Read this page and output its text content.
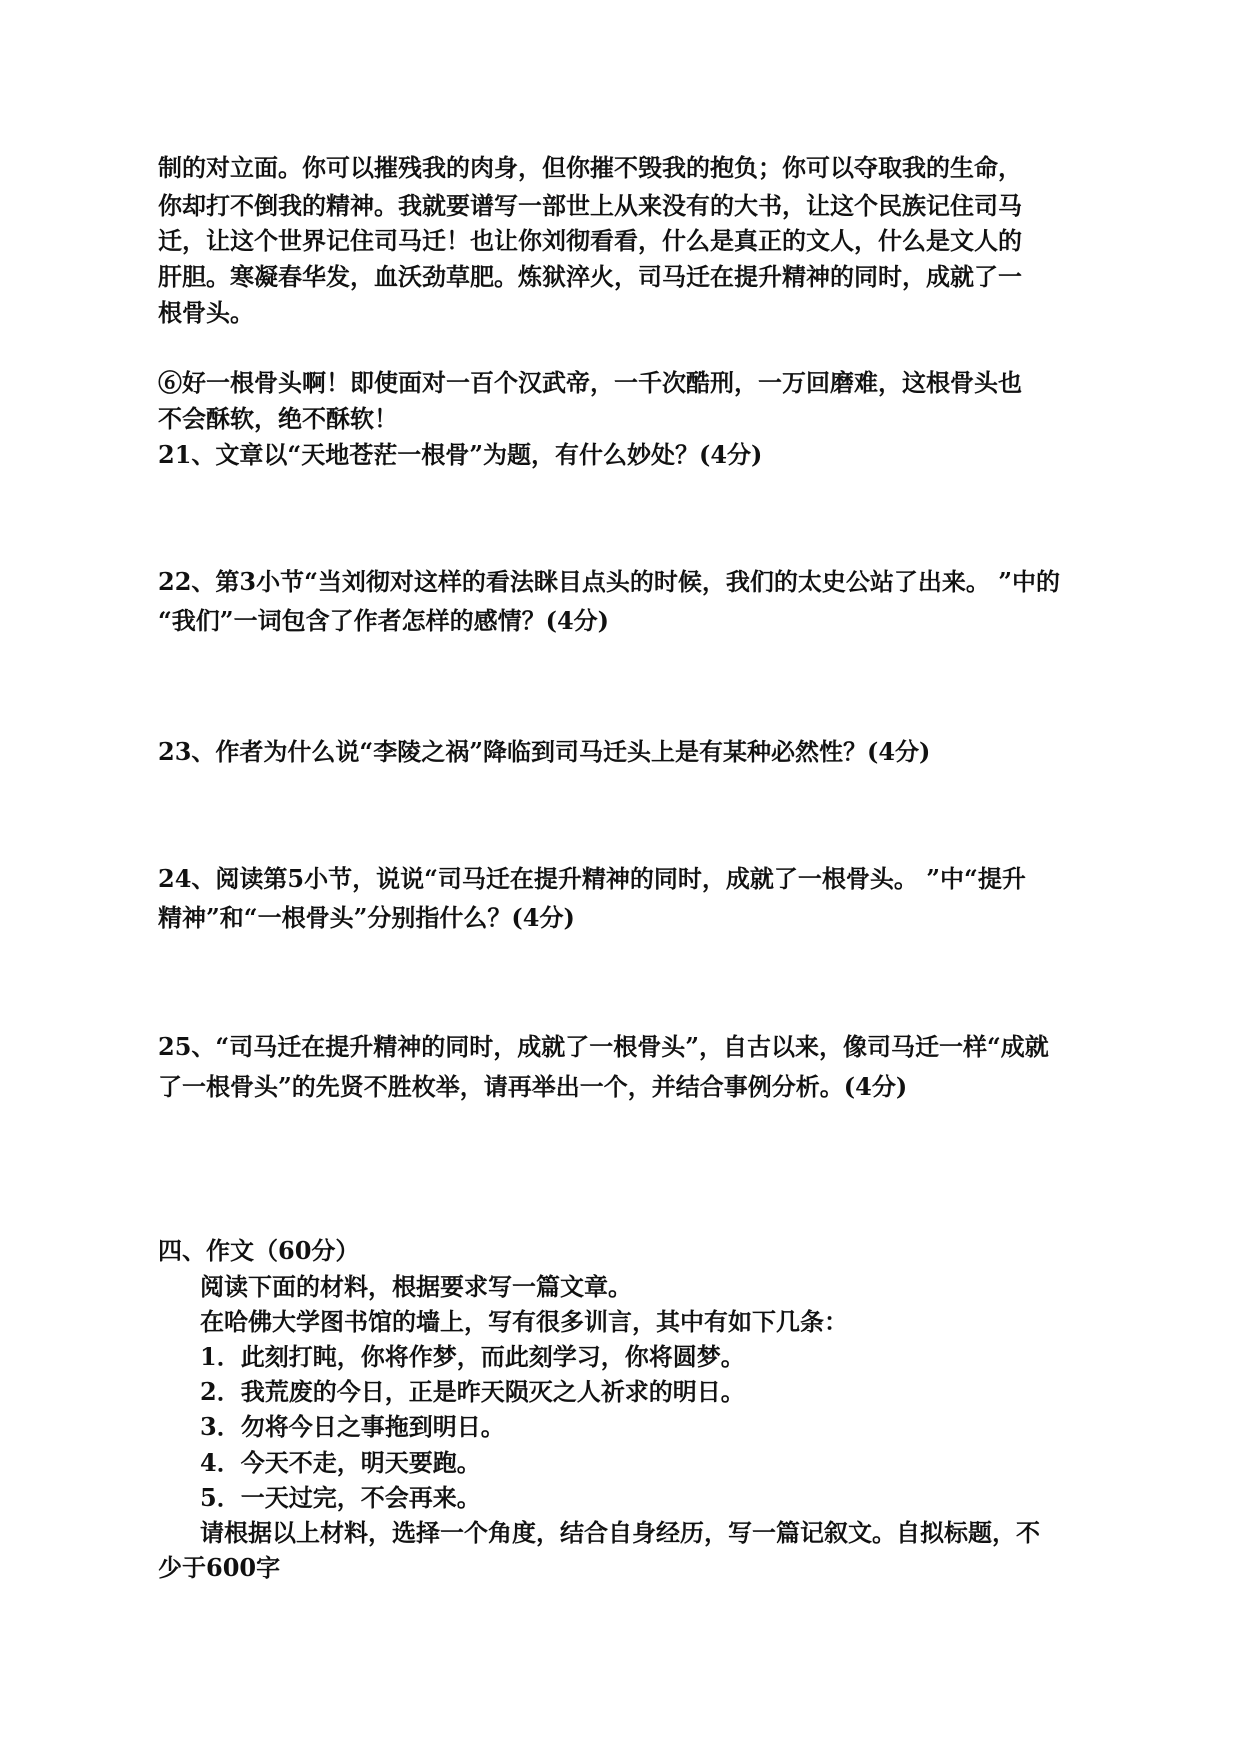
制的对立面。你可以摧残我的肉身，但你摧不毁我的抱负；你可以夺取我的生命，
你却打不倒我的精神。我就要谱写一部世上从来没有的大书，让这个民族记住司马
迁，让这个世界记住司马迁！也让你刘彻看看，什么是真正的文人，什么是文人的
肝胆。寒凝春华发，血沃劲草肥。炼狱淬火，司马迁在提升精神的同时，成就了一
根骨头。
⑥好一根骨头啊！即使面对一百个汉武帝，一千次酷刑，一万回磨难，这根骨头也
不会酥软，绝不酥软！
21、文章以“天地苍茫一根骨”为题，有什么妙处？(4分)
22、第3小节“当刘彻对这样的看法眯目点头的时候，我们的太史公站了出来。 ”中的
“我们”一词包含了作者怎样的感情？(4分)
23、作者为什么说“李陵之祸”降临到司马迁头上是有某种必然性？(4分)
24、阅读第5小节，说说“司马迁在提升精神的同时，成就了一根骨头。 ”中“提升
精神”和“一根骨头”分别指什么？(4分)
25、“司马迁在提升精神的同时，成就了一根骨头”，自古以来，像司马迁一样“成就
了一根骨头”的先贤不胜枚举，请再举出一个，并结合事例分析。(4分)
四、作文（60分）
阅读下面的材料，根据要求写一篇文章。
在哈佛大学图书馆的墙上，写有很多训言，其中有如下几条：
1．此刻打盹，你将作梦，而此刻学习，你将圆梦。
2．我荒废的今日，正是昨天陨灭之人祈求的明日。
3．勿将今日之事拖到明日。
4．今天不走，明天要跑。
5．一天过完，不会再来。
请根据以上材料，选择一个角度，结合自身经历，写一篇记叙文。自拟标题，不
少于600字
